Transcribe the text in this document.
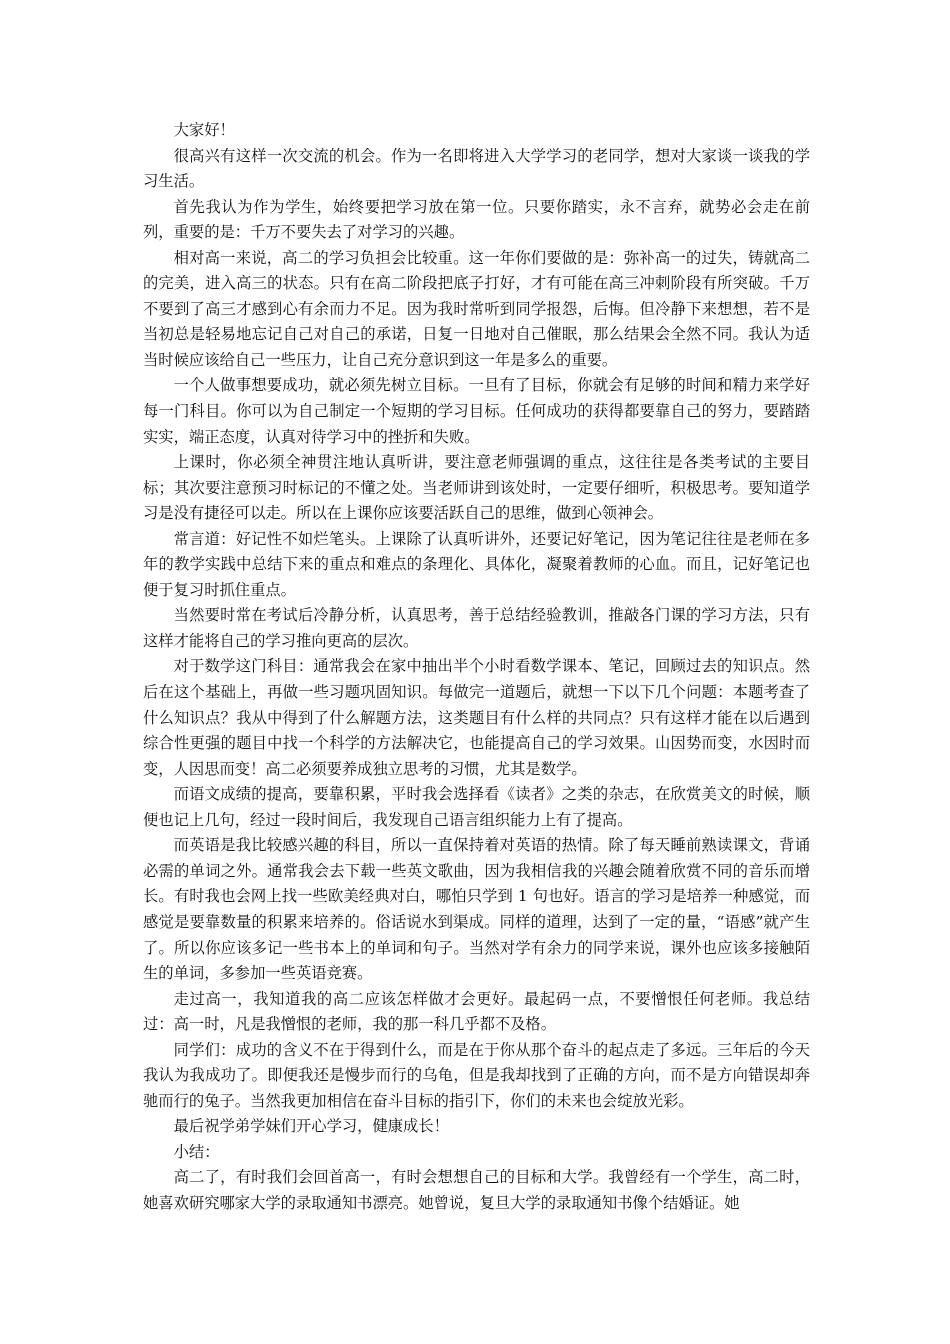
大家好！

很高兴有这样一次交流的机会。作为一名即将进入大学学习的老同学，想对大家谈一谈我的学习生活。

首先我认为作为学生，始终要把学习放在第一位。只要你踏实，永不言弃，就势必会走在前列，重要的是：千万不要失去了对学习的兴趣。

相对高一来说，高二的学习负担会比较重。这一年你们要做的是：弥补高一的过失，铸就高二的完美，进入高三的状态。只有在高二阶段把底子打好，才有可能在高三冲刺阶段有所突破。千万不要到了高三才感到心有余而力不足。因为我时常听到同学报怨，后悔。但冷静下来想想，若不是当初总是轻易地忘记自己对自己的承诺，日复一日地对自己催眠，那么结果会全然不同。我认为适当时候应该给自己一些压力，让自己充分意识到这一年是多么的重要。

一个人做事想要成功，就必须先树立目标。一旦有了目标，你就会有足够的时间和精力来学好每一门科目。你可以为自己制定一个短期的学习目标。任何成功的获得都要靠自己的努力，要踏踏实实，端正态度，认真对待学习中的挫折和失败。

上课时，你必须全神贯注地认真听讲，要注意老师强调的重点，这往往是各类考试的主要目标；其次要注意预习时标记的不懂之处。当老师讲到该处时，一定要仔细听，积极思考。要知道学习是没有捷径可以走。所以在上课你应该要活跃自己的思维，做到心领神会。

常言道：好记性不如烂笔头。上课除了认真听讲外，还要记好笔记，因为笔记往往是老师在多年的教学实践中总结下来的重点和难点的条理化、具体化，凝聚着教师的心血。而且，记好笔记也便于复习时抓住重点。

当然要时常在考试后冷静分析，认真思考，善于总结经验教训，推敲各门课的学习方法，只有这样才能将自己的学习推向更高的层次。

对于数学这门科目：通常我会在家中抽出半个小时看数学课本、笔记，回顾过去的知识点。然后在这个基础上，再做一些习题巩固知识。每做完一道题后，就想一下以下几个问题：本题考查了什么知识点？我从中得到了什么解题方法，这类题目有什么样的共同点？只有这样才能在以后遇到综合性更强的题目中找一个科学的方法解决它，也能提高自己的学习效果。山因势而变，水因时而变，人因思而变！高二必须要养成独立思考的习惯，尤其是数学。

而语文成绩的提高，要靠积累，平时我会选择看《读者》之类的杂志，在欣赏美文的时候，顺便也记上几句，经过一段时间后，我发现自己语言组织能力上有了提高。

而英语是我比较感兴趣的科目，所以一直保持着对英语的热情。除了每天睡前熟读课文，背诵必需的单词之外。通常我会去下载一些英文歌曲，因为我相信我的兴趣会随着欣赏不同的音乐而增长。有时我也会网上找一些欧美经典对白，哪怕只学到 1 句也好。语言的学习是培养一种感觉，而感觉是要靠数量的积累来培养的。俗话说水到渠成。同样的道理，达到了一定的量，“语感”就产生了。所以你应该多记一些书本上的单词和句子。当然对学有余力的同学来说，课外也应该多接触陌生的单词，多参加一些英语竞赛。

走过高一，我知道我的高二应该怎样做才会更好。最起码一点，不要憎恨任何老师。我总结过：高一时，凡是我憎恨的老师，我的那一科几乎都不及格。

同学们：成功的含义不在于得到什么，而是在于你从那个奋斗的起点走了多远。三年后的今天我认为我成功了。即便我还是慢步而行的乌龟，但是我却找到了正确的方向，而不是方向错误却奔驰而行的兔子。当然我更加相信在奋斗目标的指引下，你们的未来也会绽放光彩。

最后祝学弟学妹们开心学习，健康成长！

小结：

高二了，有时我们会回首高一，有时会想想自己的目标和大学。我曾经有一个学生，高二时，她喜欢研究哪家大学的录取通知书漂亮。她曾说，复旦大学的录取通知书像个结婚证。她
